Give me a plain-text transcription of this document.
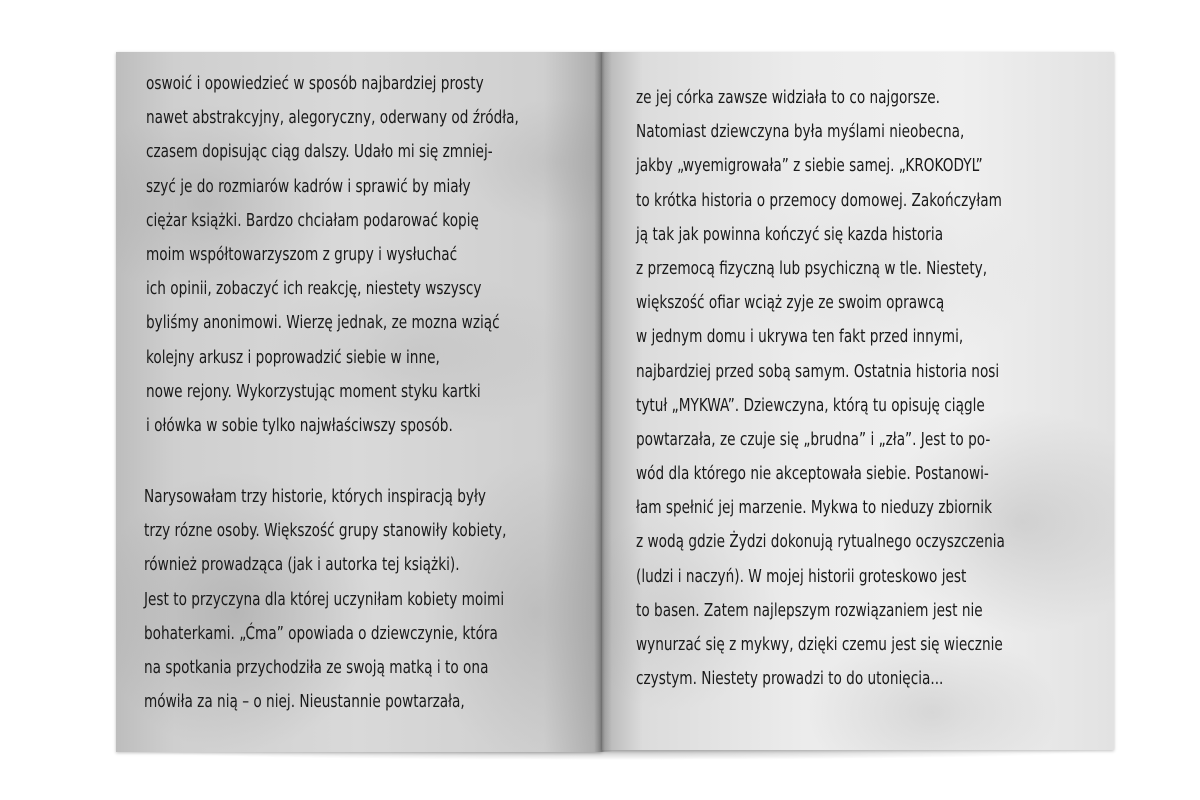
oswoić i opowiedzieć w sposób najbardziej prosty
nawet abstrakcyjny, alegoryczny, oderwany od źródła,
czasem dopisując ciąg dalszy. Udało mi się zmniej-
szyć je do rozmiarów kadrów i sprawić by miały
ciężar książki. Bardzo chciałam podarować kopię
moim współtowarzyszom z grupy i wysłuchać
ich opinii, zobaczyć ich reakcję, niestety wszyscy
byliśmy anonimowi. Wierzę jednak, ze mozna wziąć
kolejny arkusz i poprowadzić siebie w inne,
nowe rejony. Wykorzystując moment styku kartki
i ołówka w sobie tylko najwłaściwszy sposób.
Narysowałam trzy historie, których inspiracją były
trzy rózne osoby. Większość grupy stanowiły kobiety,
również prowadząca (jak i autorka tej książki).
Jest to przyczyna dla której uczyniłam kobiety moimi
bohaterkami. „Ćma” opowiada o dziewczynie, która
na spotkania przychodziła ze swoją matką i to ona
mówiła za nią – o niej. Nieustannie powtarzała,
ze jej córka zawsze widziała to co najgorsze.
Natomiast dziewczyna była myślami nieobecna,
jakby „wyemigrowała” z siebie samej. „KROKODYL”
to krótka historia o przemocy domowej. Zakończyłam
ją tak jak powinna kończyć się kazda historia
z przemocą fizyczną lub psychiczną w tle. Niestety,
większość ofiar wciąż zyje ze swoim oprawcą
w jednym domu i ukrywa ten fakt przed innymi,
najbardziej przed sobą samym. Ostatnia historia nosi
tytuł „MYKWA”. Dziewczyna, którą tu opisuję ciągle
powtarzała, ze czuje się „brudna” i „zła”. Jest to po-
wód dla którego nie akceptowała siebie. Postanowi-
łam spełnić jej marzenie. Mykwa to nieduzy zbiornik
z wodą gdzie Żydzi dokonują rytualnego oczyszczenia
(ludzi i naczyń). W mojej historii groteskowo jest
to basen. Zatem najlepszym rozwiązaniem jest nie
wynurzać się z mykwy, dzięki czemu jest się wiecznie
czystym. Niestety prowadzi to do utonięcia...
